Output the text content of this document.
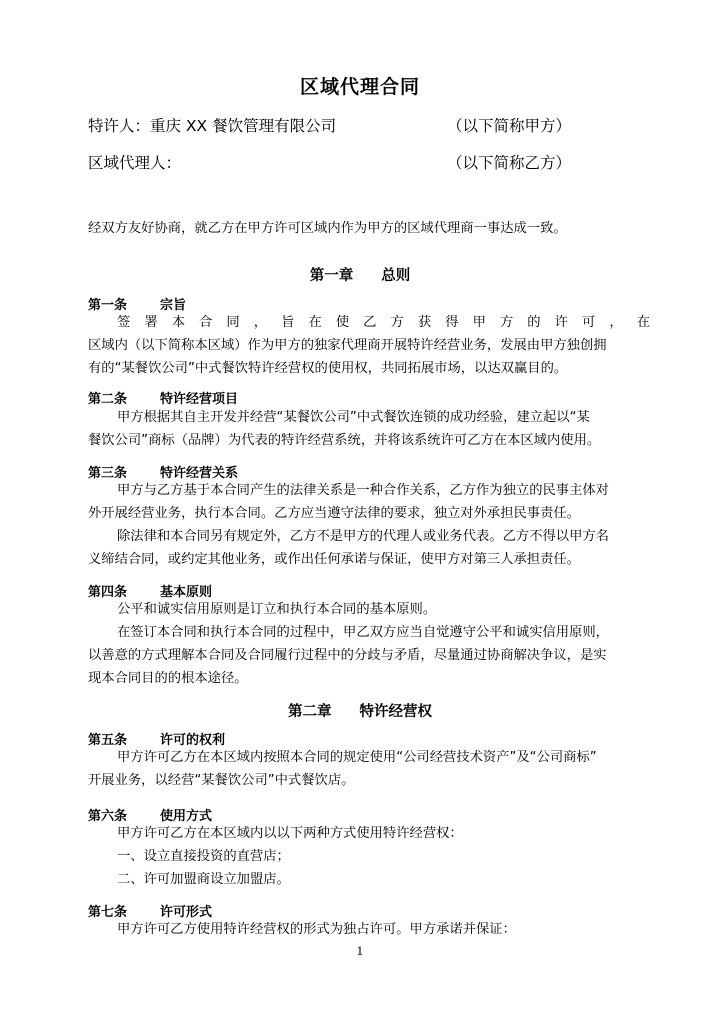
区域代理合同
特许人：重庆 XX 餐饮管理有限公司	（以下简称甲方）
区域代理人：	（以下简称乙方）
经双方友好协商，就乙方在甲方许可区域内作为甲方的区域代理商一事达成一致。
第一章 总则
第一条	宗旨
签署本合同，旨在使乙方获得甲方的许可，在
区域内（以下简称本区域）作为甲方的独家代理商开展特许经营业务，发展由甲方独创拥
有的“某餐饮公司”中式餐饮特许经营权的使用权，共同拓展市场，以达双赢目的。
第二条	特许经营项目
甲方根据其自主开发并经营“某餐饮公司”中式餐饮连锁的成功经验，建立起以“某
餐饮公司”商标（品牌）为代表的特许经营系统，并将该系统许可乙方在本区域内使用。
第三条	特许经营关系
甲方与乙方基于本合同产生的法律关系是一种合作关系，乙方作为独立的民事主体对
外开展经营业务，执行本合同。乙方应当遵守法律的要求，独立对外承担民事责任。
除法律和本合同另有规定外，乙方不是甲方的代理人或业务代表。乙方不得以甲方名
义缔结合同，或约定其他业务，或作出任何承诺与保证，使甲方对第三人承担责任。
第四条	基本原则
公平和诚实信用原则是订立和执行本合同的基本原则。
在签订本合同和执行本合同的过程中，甲乙双方应当自觉遵守公平和诚实信用原则，
以善意的方式理解本合同及合同履行过程中的分歧与矛盾，尽量通过协商解决争议，是实
现本合同目的的根本途径。
第二章 特许经营权
第五条	许可的权利
甲方许可乙方在本区域内按照本合同的规定使用“公司经营技术资产”及“公司商标”
开展业务，以经营“某餐饮公司”中式餐饮店。
第六条	使用方式
甲方许可乙方在本区域内以以下两种方式使用特许经营权：
一、设立直接投资的直营店；
二、许可加盟商设立加盟店。
第七条	许可形式
甲方许可乙方使用特许经营权的形式为独占许可。甲方承诺并保证：
1
